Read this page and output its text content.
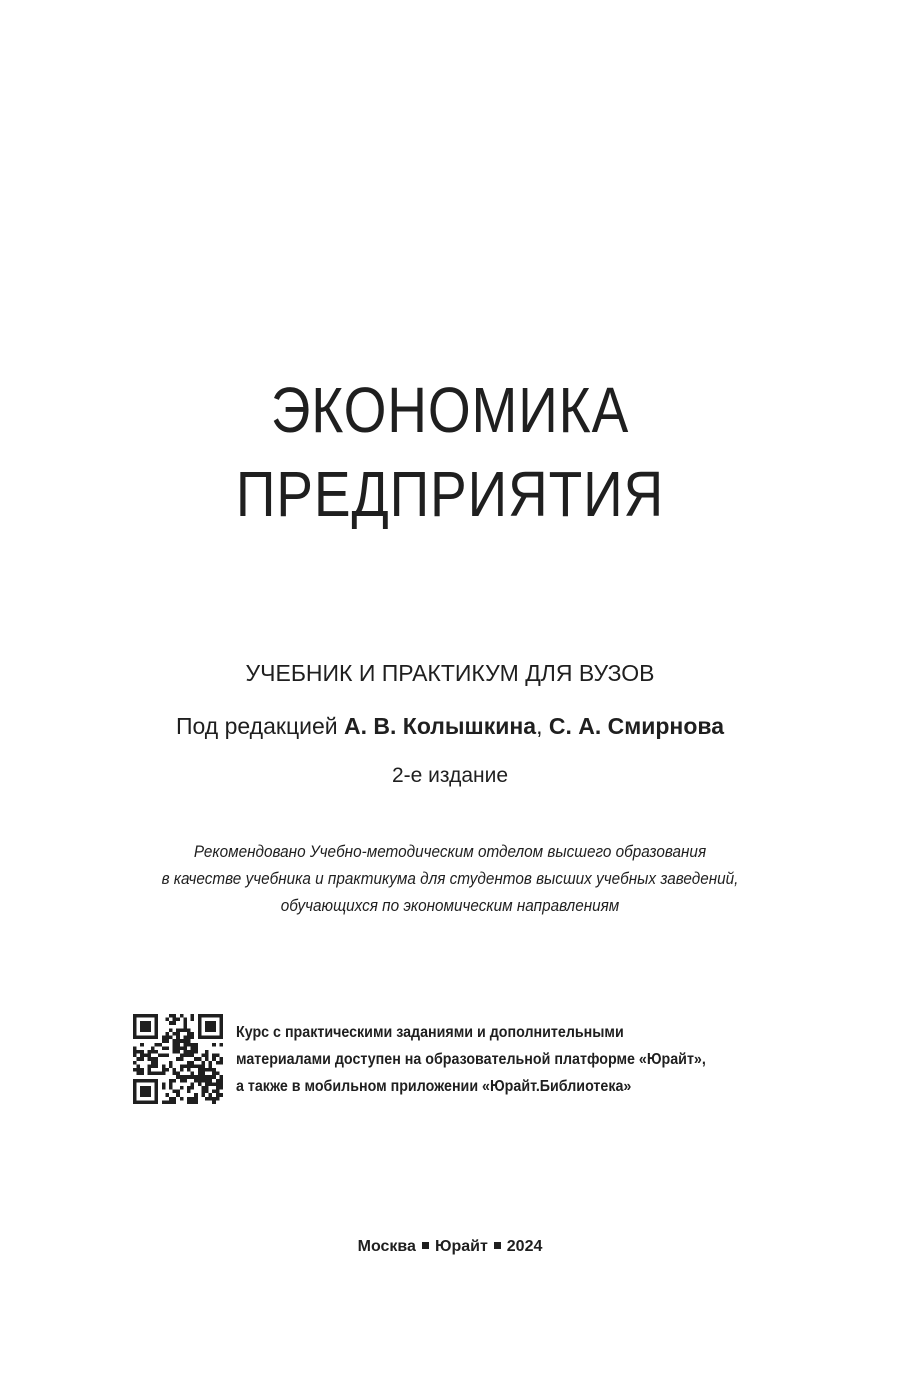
ЭКОНОМИКА
ПРЕДПРИЯТИЯ
УЧЕБНИК И ПРАКТИКУМ ДЛЯ ВУЗОВ
Под редакцией А. В. Колышкина, С. А. Смирнова
2-е издание
Рекомендовано Учебно-методическим отделом высшего образования
в качестве учебника и практикума для студентов высших учебных заведений,
обучающихся по экономическим направлениям
Курс с практическими заданиями и дополнительными
материалами доступен на образовательной платформе «Юрайт»,
а также в мобильном приложении «Юрайт.Библиотека»
Москва Юрайт 2024
